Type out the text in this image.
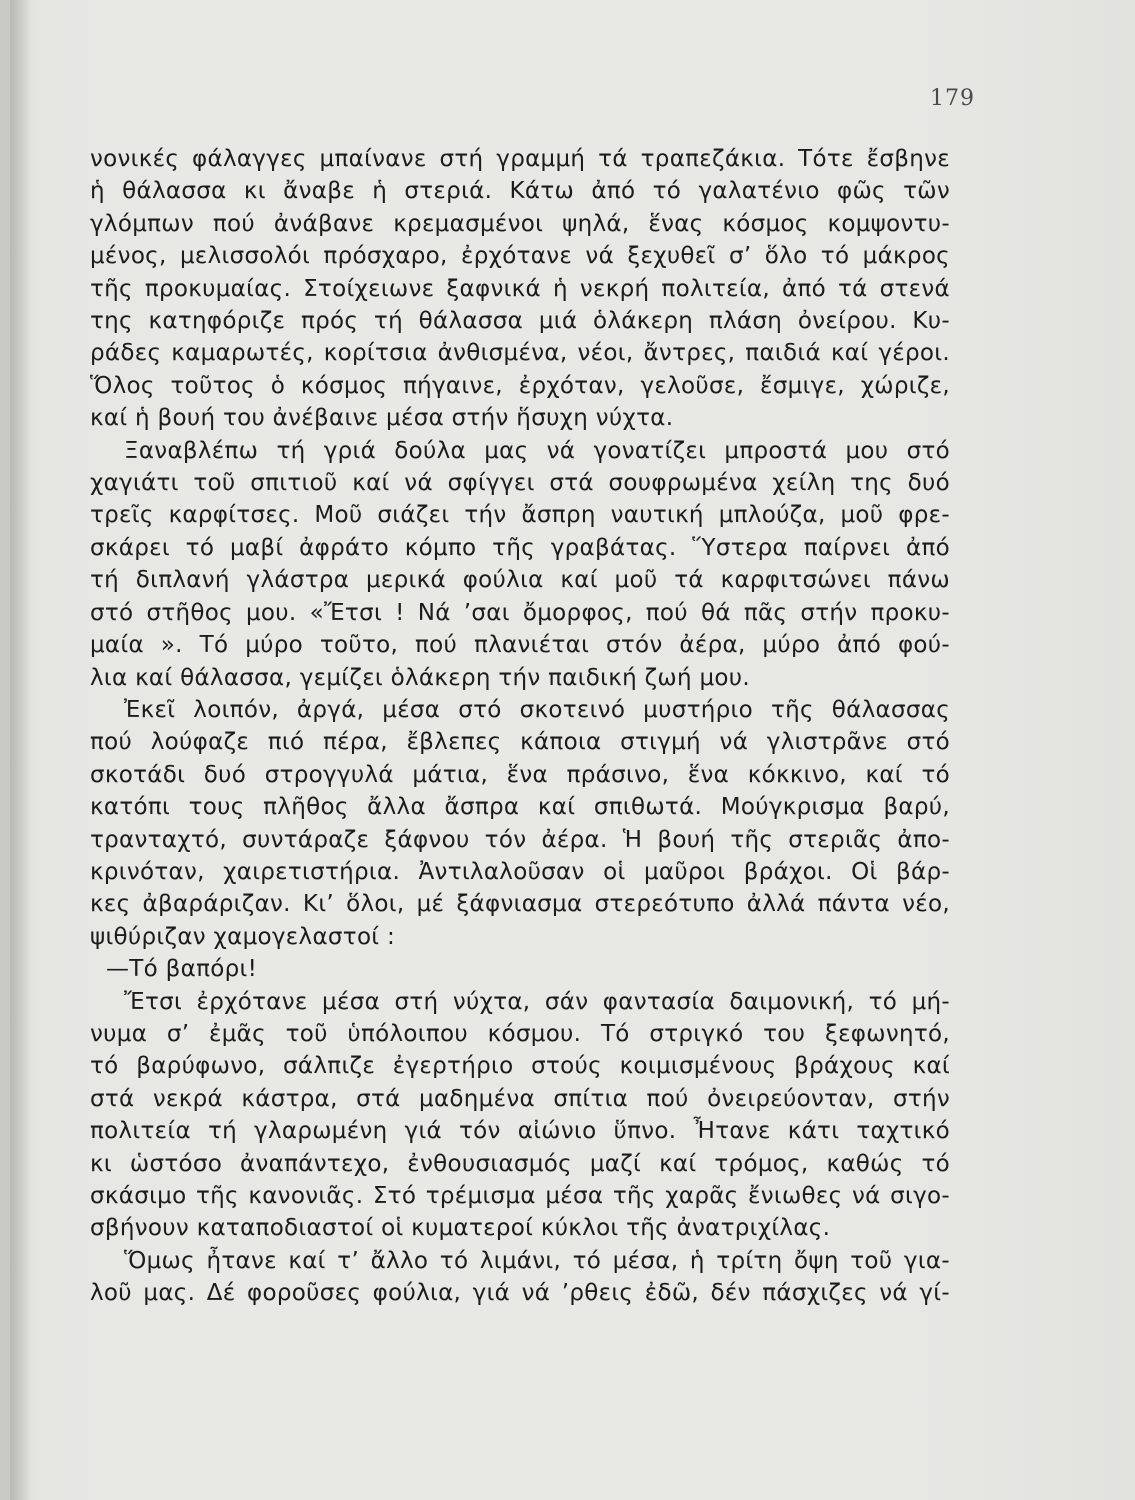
179
νονικές φάλαγγες μπαίνανε στή γραμμή τά τραπεζάκια. Τότε ἔσβηνε
ἡ θάλασσα κι ἄναβε ἡ στεριά. Κάτω ἀπό τό γαλατένιο φῶς τῶν
γλόμπων πού ἀνάβανε κρεμασμένοι ψηλά, ἕνας κόσμος κομψοντυ-
μένος, μελισσολόι πρόσχαρο, ἐρχότανε νά ξεχυθεῖ σ’ ὅλο τό μάκρος
τῆς προκυμαίας. Στοίχειωνε ξαφνικά ἡ νεκρή πολιτεία, ἀπό τά στενά
της κατηφόριζε πρός τή θάλασσα μιά ὁλάκερη πλάση ὀνείρου. Κυ-
ράδες καμαρωτές, κορίτσια ἀνθισμένα, νέοι, ἄντρες, παιδιά καί γέροι.
Ὅλος τοῦτος ὁ κόσμος πήγαινε, ἐρχόταν, γελοῦσε, ἔσμιγε, χώριζε,
καί ἡ βουή του ἀνέβαινε μέσα στήν ἥσυχη νύχτα.
Ξαναβλέπω τή γριά δούλα μας νά γονατίζει μπροστά μου στό
χαγιάτι τοῦ σπιτιοῦ καί νά σφίγγει στά σουφρωμένα χείλη της δυό
τρεῖς καρφίτσες. Μοῦ σιάζει τήν ἄσπρη ναυτική μπλούζα, μοῦ φρε-
σκάρει τό μαβί ἀφράτο κόμπο τῆς γραβάτας. Ὕστερα παίρνει ἀπό
τή διπλανή γλάστρα μερικά φούλια καί μοῦ τά καρφιτσώνει πάνω
στό στῆθος μου. «Ἔτσι ! Νά ’σαι ὄμορφος, πού θά πᾶς στήν προκυ-
μαία ». Τό μύρο τοῦτο, πού πλανιέται στόν ἀέρα, μύρο ἀπό φού-
λια καί θάλασσα, γεμίζει ὁλάκερη τήν παιδική ζωή μου.
Ἐκεῖ λοιπόν, ἀργά, μέσα στό σκοτεινό μυστήριο τῆς θάλασσας
πού λούφαζε πιό πέρα, ἔβλεπες κάποια στιγμή νά γλιστρᾶνε στό
σκοτάδι δυό στρογγυλά μάτια, ἕνα πράσινο, ἕνα κόκκινο, καί τό
κατόπι τους πλῆθος ἄλλα ἄσπρα καί σπιθωτά. Μούγκρισμα βαρύ,
τρανταχτό, συντάραζε ξάφνου τόν ἀέρα. Ἡ βουή τῆς στεριᾶς ἀπο-
κρινόταν, χαιρετιστήρια. Ἀντιλαλοῦσαν οἱ μαῦροι βράχοι. Οἱ βάρ-
κες ἀβαράριζαν. Κι’ ὅλοι, μέ ξάφνιασμα στερεότυπο ἀλλά πάντα νέο,
ψιθύριζαν χαμογελαστοί :
—Τό βαπόρι!
Ἔτσι ἐρχότανε μέσα στή νύχτα, σάν φαντασία δαιμονική, τό μή-
νυμα σ’ ἐμᾶς τοῦ ὑπόλοιπου κόσμου. Τό στριγκό του ξεφωνητό,
τό βαρύφωνο, σάλπιζε ἐγερτήριο στούς κοιμισμένους βράχους καί
στά νεκρά κάστρα, στά μαδημένα σπίτια πού ὀνειρεύονταν, στήν
πολιτεία τή γλαρωμένη γιά τόν αἰώνιο ὕπνο. Ἦτανε κάτι ταχτικό
κι ὡστόσο ἀναπάντεχο, ἐνθουσιασμός μαζί καί τρόμος, καθώς τό
σκάσιμο τῆς κανονιᾶς. Στό τρέμισμα μέσα τῆς χαρᾶς ἔνιωθες νά σιγο-
σβήνουν καταποδιαστοί οἱ κυματεροί κύκλοι τῆς ἀνατριχίλας.
Ὅμως ἦτανε καί τ’ ἄλλο τό λιμάνι, τό μέσα, ἡ τρίτη ὄψη τοῦ για-
λοῦ μας. Δέ φοροῦσες φούλια, γιά νά ’ρθεις ἐδῶ, δέν πάσχιζες νά γί-
